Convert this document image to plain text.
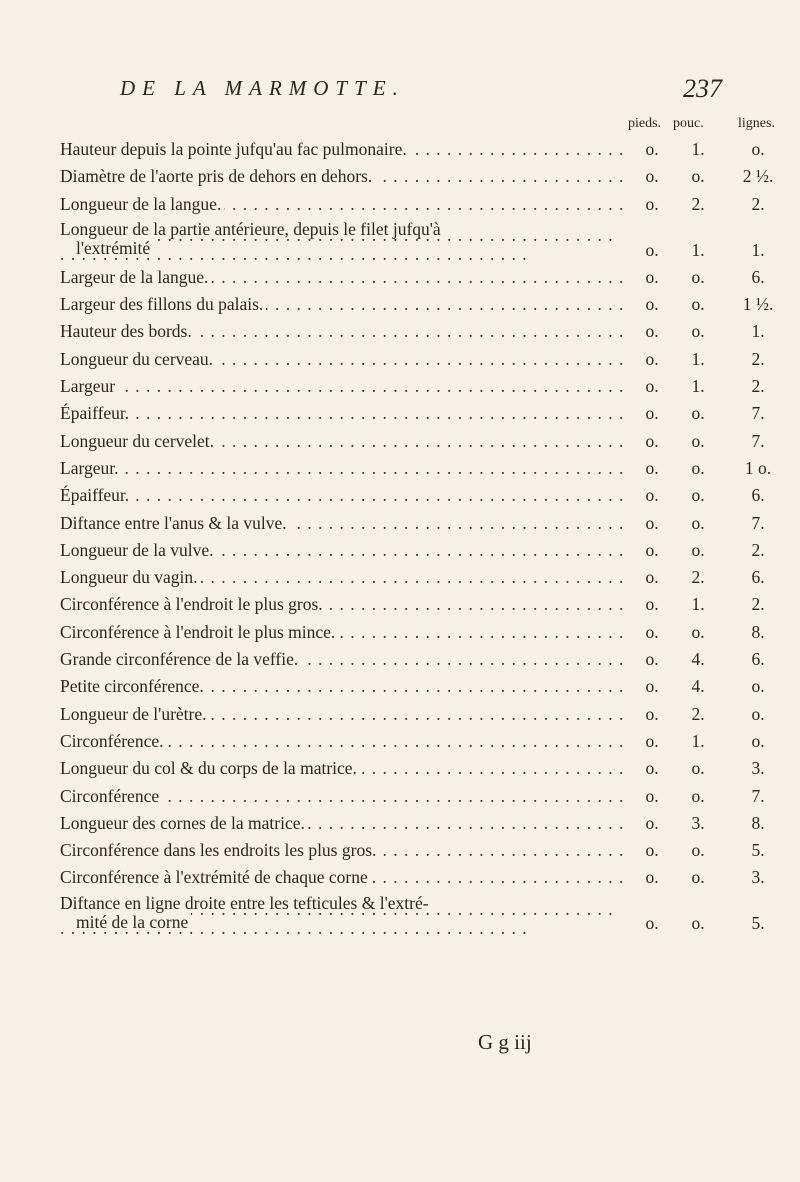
DE LA MARMOTTE.	237
pieds. pouc. lignes.
Hauteur depuis la pointe jufqu'au fac pulmonaire. . . .	o.	1.	o.
Diamètre de l'aorte pris de dehors en dehors. . . .	o.	o.	2 ½.
Longueur de la langue. . . .	o.	2.	2.
Longueur de la partie antérieure, depuis le filet jufqu'à
l'extrémité . . .	o.	1.	1.
Largeur de la langue. . . .	o.	o.	6.
Largeur des fillons du palais. . . .	o.	o.	1 ½.
Hauteur des bords. . . .	o.	o.	1.
Longueur du cerveau. . . .	o.	1.	2.
Largeur . . .	o.	1.	2.
Épaiffeur. . . .	o.	o.	7.
Longueur du cervelet. . . .	o.	o.	7.
Largeur. . . .	o.	o.	1 o.
Épaiffeur. . . .	o.	o.	6.
Diftance entre l'anus & la vulve. . . .	o.	o.	7.
Longueur de la vulve. . . .	o.	o.	2.
Longueur du vagin. . . .	o.	2.	6.
Circonférence à l'endroit le plus gros. . . .	o.	1.	2.
Circonférence à l'endroit le plus mince. . . .	o.	o.	8.
Grande circonférence de la veffie. . . .	o.	4.	6.
Petite circonférence. . . .	o.	4.	o.
Longueur de l'urètre. . . .	o.	2.	o.
Circonférence. . . .	o.	1.	o.
Longueur du col & du corps de la matrice. . . .	o.	o.	3.
Circonférence . . .	o.	o.	7.
Longueur des cornes de la matrice. . . .	o.	3.	8.
Circonférence dans les endroits les plus gros. . . .	o.	o.	5.
Circonférence à l'extrémité de chaque corne . . .	o.	o.	3.
Diftance en ligne droite entre les tefticules & l'extré-
mité de la corne . . .	o.	o.	5.
G g iij
